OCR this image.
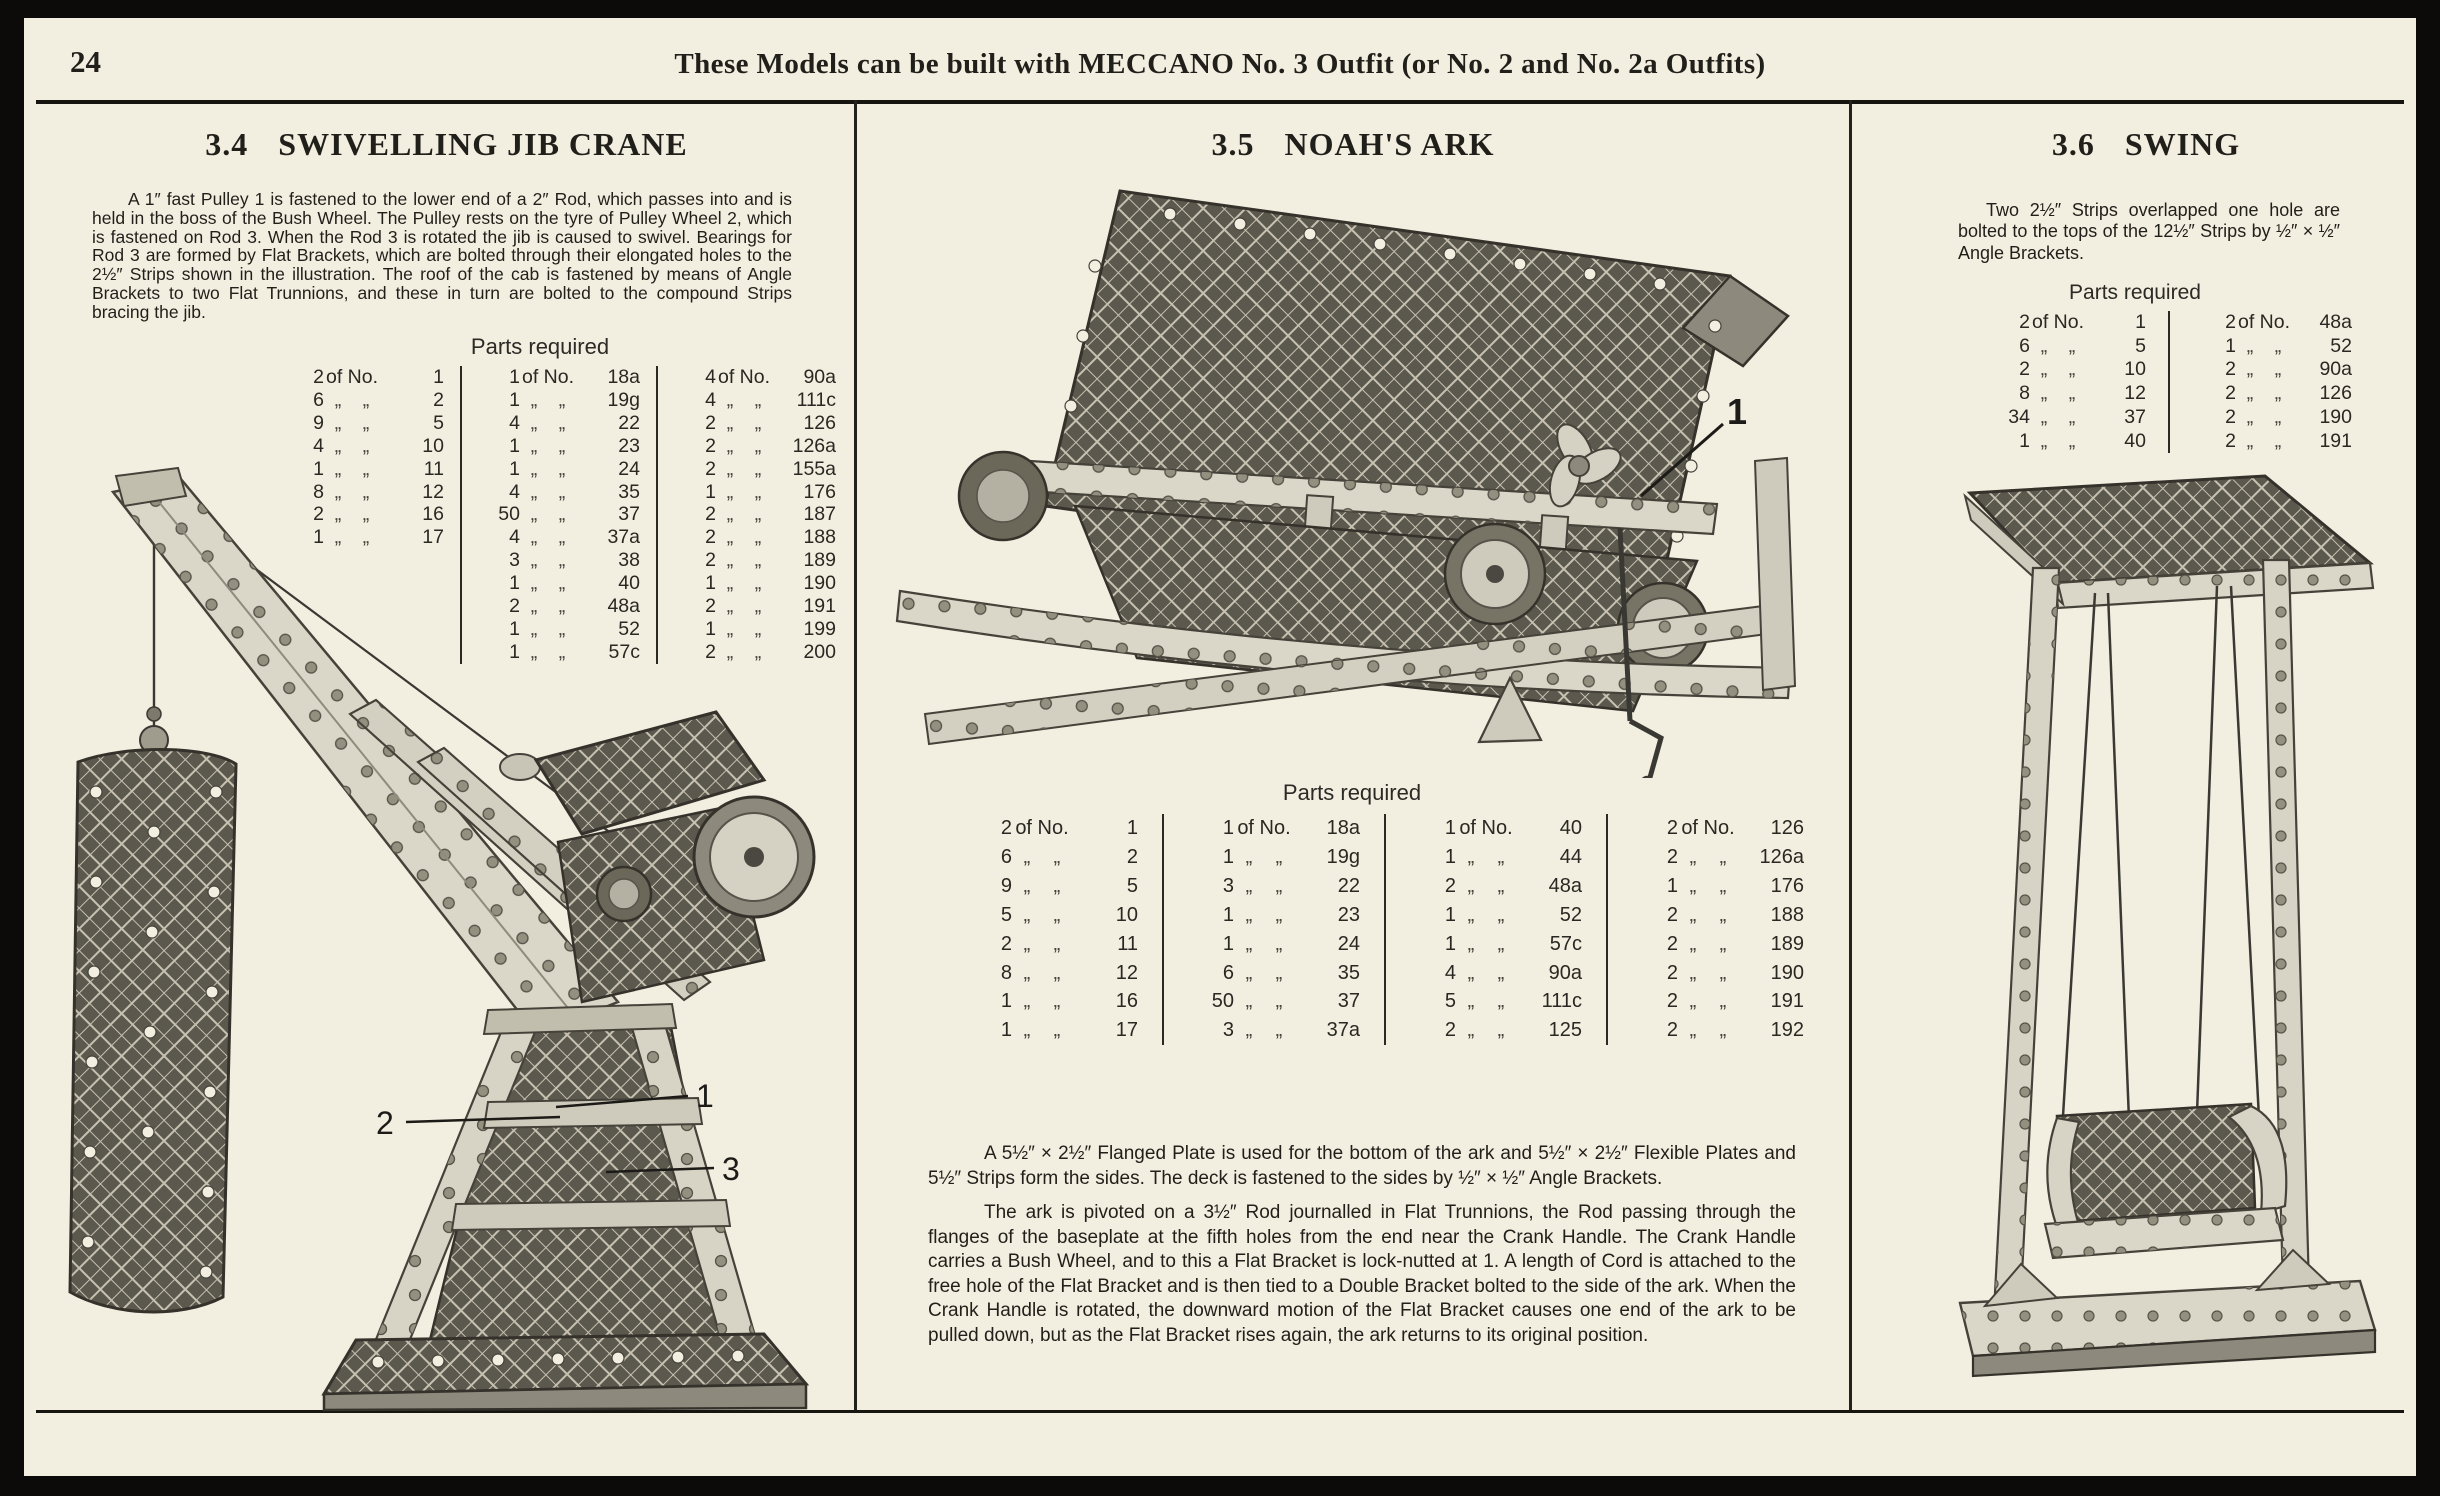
24	These Models can be built with MECCANO No. 3 Outfit (or No. 2 and No. 2a Outfits)
3.4 SWIVELLING JIB CRANE
A 1″ fast Pulley 1 is fastened to the lower end of a 2″ Rod, which passes into and is held in the boss of the Bush Wheel. The Pulley rests on the tyre of Pulley Wheel 2, which is fastened on Rod 3. When the Rod 3 is rotated the jib is caused to swivel. Bearings for Rod 3 are formed by Flat Brackets, which are bolted through their elongated holes to the 2½″ Strips shown in the illustration. The roof of the cab is fastened by means of Angle Brackets to two Flat Trunnions, and these in turn are bolted to the compound Strips bracing the jib.
Parts required
2 of No.	1
6 „	„	2
9 „	„	5
4 „	„	10
1 „	„	11
8 „	„	12
2 „	„	16
1 „	„	17
1 of No.	18a
1 „	„	19g
4 „	„	22
1 „	„	23
1 „	„	24
4 „	„	35
50 „	„	37
4 „	„	37a
3 „	„	38
1 „	„	40
2 „	„	48a
1 „	„	52
1 „	„	57c
4 of No.	90a
4 „	„	111c
2 „	„	126
2 „	„	126a
2 „	„	155a
1 „	„	176
2 „	„	187
2 „	„	188
2 „	„	189
1 „	„	190
2 „	„	191
1 „	„	199
2 „	„	200
2
1
3
3.5 NOAH'S ARK
1
Parts required
2 of No.	1
6 „	„	2
9 „	„	5
5 „	„	10
2 „	„	11
8 „	„	12
1 „	„	16
1 „	„	17
1 of No.	18a
1 „	„	19g
3 „	„	22
1 „	„	23
1 „	„	24
6 „	„	35
50 „	„	37
3 „	„	37a
1 of No.	40
1 „	„	44
2 „	„	48a
1 „	„	52
1 „	„	57c
4 „	„	90a
5 „	„	111c
2 „	„	125
2 of No.	126
2 „	„	126a
1 „	„	176
2 „	„	188
2 „	„	189
2 „	„	190
2 „	„	191
2 „	„	192

A 5½″ × 2½″ Flanged Plate is used for the bottom of the ark and 5½″ × 2½″ Flexible Plates and 5½″ Strips form the sides. The deck is fastened to the sides by ½″ × ½″ Angle Brackets.

The ark is pivoted on a 3½″ Rod journalled in Flat Trunnions, the Rod passing through the flanges of the baseplate at the fifth holes from the end near the Crank Handle. The Crank Handle carries a Bush Wheel, and to this a Flat Bracket is lock-nutted at 1. A length of Cord is attached to the free hole of the Flat Bracket and is then tied to a Double Bracket bolted to the side of the ark. When the Crank Handle is rotated, the downward motion of the Flat Bracket causes one end of the ark to be pulled down, but as the Flat Bracket rises again, the ark returns to its original position.

3.6 SWING
Two 2½″ Strips overlapped one hole are bolted to the tops of the 12½″ Strips by ½″ × ½″ Angle Brackets.
Parts required
2 of No.	1
6 „	„	5
2 „	„	10
8 „	„	12
34 „	„	37
1 „	„	40
2 of No.	48a
1 „	„	52
2 „	„	90a
2 „	„	126
2 „	„	190
2 „	„	191
